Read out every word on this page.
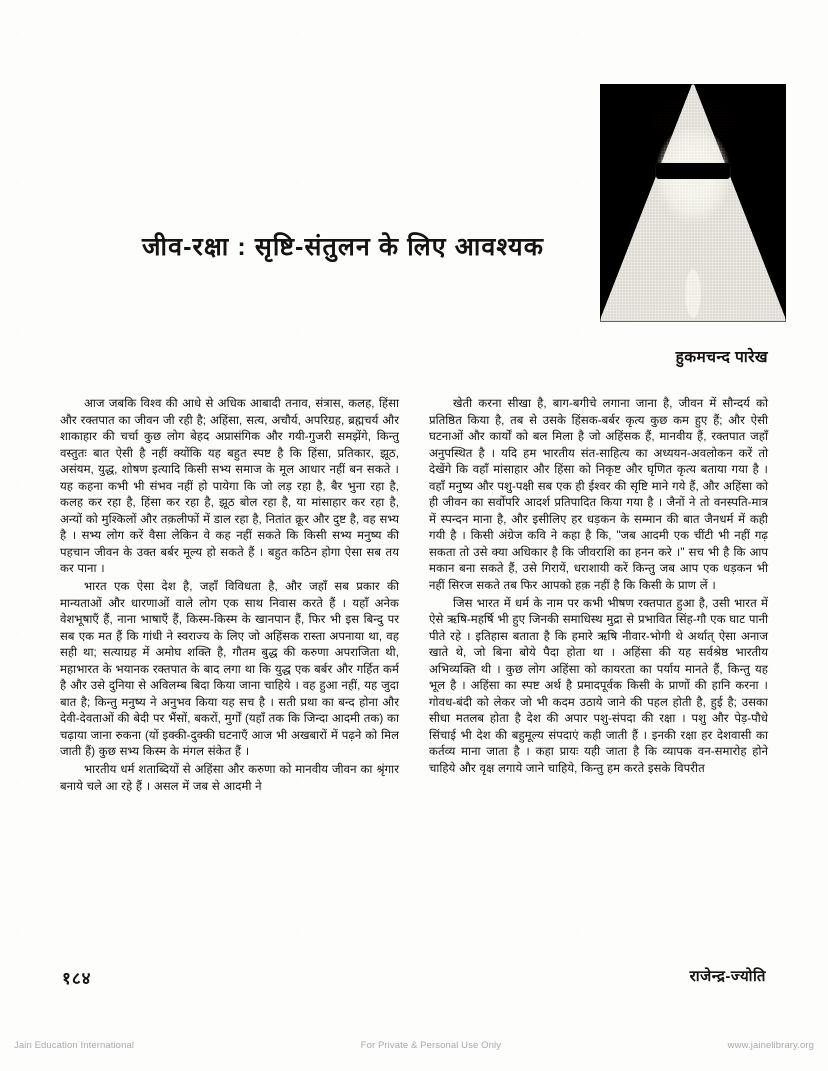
जीव-रक्षा : सृष्टि-संतुलन के लिए आवश्यक
हुकमचन्द पारेख

आज जबकि विश्व की आधे से अधिक आबादी तनाव, संत्रास, कलह, हिंसा और रक्तपात का जीवन जी रही है; अहिंसा, सत्य, अचौर्य, अपरिग्रह, ब्रह्मचर्य और शाकाहार की चर्चा कुछ लोग बेहद अप्रासंगिक और गयी-गुजरी समझेंगे, किन्तु वस्तुतः बात ऐसी है नहीं क्योंकि यह बहुत स्पष्ट है कि हिंसा, प्रतिकार, झूठ, असंयम, युद्ध, शोषण इत्यादि किसी सभ्य समाज के मूल आधार नहीं बन सकते । यह कहना कभी भी संभव नहीं हो पायेगा कि जो लड़ रहा है, बैर भुना रहा है, कलह कर रहा है, हिंसा कर रहा है, झूठ बोल रहा है, या मांसाहार कर रहा है, अन्यों को मुश्किलों और तक़लीफों में डाल रहा है, नितांत क्रूर और दुष्ट है, वह सभ्य है । सभ्य लोग करें वैसा लेकिन वे कह नहीं सकते कि किसी सभ्य मनुष्य की पहचान जीवन के उक्त बर्बर मूल्य हो सकते हैं । बहुत कठिन होगा ऐसा सब तय कर पाना ।

भारत एक ऐसा देश है, जहाँ विविधता है, और जहाँ सब प्रकार की मान्यताओं और धारणाओं वाले लोग एक साथ निवास करते हैं । यहाँ अनेक वेशभूषाएँ हैं, नाना भाषाएँ हैं, किस्म-किस्म के खानपान हैं, फिर भी इस बिन्दु पर सब एक मत हैं कि गांधी ने स्वराज्य के लिए जो अहिंसक रास्ता अपनाया था, वह सही था; सत्याग्रह में अमोघ शक्ति है, गौतम बुद्ध की करुणा अपराजिता थी, महाभारत के भयानक रक्तपात के बाद लगा था कि युद्ध एक बर्बर और गर्हित कर्म है और उसे दुनिया से अविलम्ब बिदा किया जाना चाहिये । वह हुआ नहीं, यह जुदा बात है; किन्तु मनुष्य ने अनुभव किया यह सच है । सती प्रथा का बन्द होना और देवी-देवताओं की बेदी पर भैंसों, बकरों, मुर्गों (यहाँ तक कि जिन्दा आदमी तक) का चढ़ाया जाना रुकना (यों इक्की-दुक्की घटनाएँ आज भी अखबारों में पढ़ने को मिल जाती हैं) कुछ सभ्य किस्म के मंगल संकेत हैं ।

भारतीय धर्म शताब्दियों से अहिंसा और करुणा को मानवीय जीवन का श्रृंगार बनाये चले आ रहे हैं । असल में जब से आदमी ने

खेती करना सीखा है, बाग-बगीचे लगाना जाना है, जीवन में सौन्दर्य को प्रतिष्ठित किया है, तब से उसके हिंसक-बर्बर कृत्य कुछ कम हुए हैं; और ऐसी घटनाओं और कार्यों को बल मिला है जो अहिंसक हैं, मानवीय हैं, रक्तपात जहाँ अनुपस्थित है । यदि हम भारतीय संत-साहित्य का अध्ययन-अवलोकन करें तो देखेंगे कि वहाँ मांसाहार और हिंसा को निकृष्ट और घृणित कृत्य बताया गया है । वहाँ मनुष्य और पशु-पक्षी सब एक ही ईश्वर की सृष्टि माने गये हैं, और अहिंसा को ही जीवन का सर्वोपरि आदर्श प्रतिपादित किया गया है । जैनों ने तो वनस्पति-मात्र में स्पन्दन माना है, और इसीलिए हर धड़कन के सम्मान की बात जैनधर्म में कही गयी है । किसी अंग्रेज कवि ने कहा है कि, "जब आदमी एक चींटी भी नहीं गढ़ सकता तो उसे क्या अधिकार है कि जीवराशि का हनन करे ।" सच भी है कि आप मकान बना सकते हैं, उसे गिरायें, धराशायी करें किन्तु जब आप एक धड़कन भी नहीं सिरज सकते तब फिर आपको हक़ नहीं है कि किसी के प्राण लें ।

जिस भारत में धर्म के नाम पर कभी भीषण रक्तपात हुआ है, उसी भारत में ऐसे ऋषि-महर्षि भी हुए जिनकी समाधिस्थ मुद्रा से प्रभावित सिंह-गौ एक घाट पानी पीते रहे । इतिहास बताता है कि हमारे ऋषि नीवार-भोगी थे अर्थात् ऐसा अनाज खाते थे, जो बिना बोये पैदा होता था । अहिंसा की यह सर्वश्रेष्ठ भारतीय अभिव्यक्ति थी । कुछ लोग अहिंसा को कायरता का पर्याय मानते हैं, किन्तु यह भूल है । अहिंसा का स्पष्ट अर्थ है प्रमादपूर्वक किसी के प्राणों की हानि करना । गोवध-बंदी को लेकर जो भी कदम उठाये जाने की पहल होती है, हुई है; उसका सीधा मतलब होता है देश की अपार पशु-संपदा की रक्षा । पशु और पेड़-पौधे सिंचाई भी देश की बहुमूल्य संपदाएं कही जाती हैं । इनकी रक्षा हर देशवासी का कर्तव्य माना जाता है । कहा प्रायः यही जाता है कि व्यापक वन-समारोह होने चाहिये और वृक्ष लगाये जाने चाहिये, किन्तु हम करते इसके विपरीत

१८४	राजेन्द्र-ज्योति
Jain Education International	For Private & Personal Use Only	www.jainelibrary.org
